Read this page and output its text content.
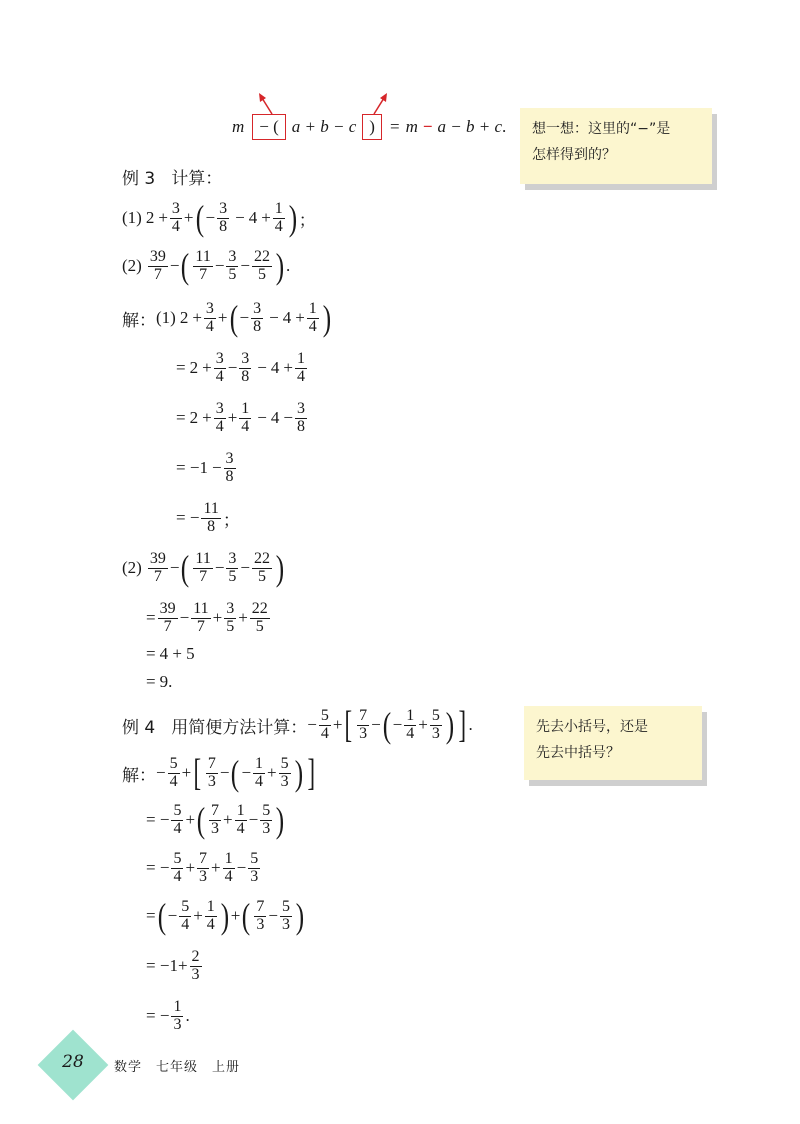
m − ( a + b − c ) = m − a − b + c . 想一想：这里的“−”是
怎样得到的？
例 3 计算：
(1) $2 + \frac{3}{4}$ + ( − $\frac{3}{8} - 4 + \frac{1}{4}$ ) ；
$(2) \frac{39}{7}$ − ( $\frac{11}{7} - \frac{3}{5} - \frac{22}{5}$ ) .
解： (1) $2 + \frac{3}{4}$ + ( − $\frac{3}{8} - 4 + \frac{1}{4}$ )
= $2 + \frac{3}{4} - \frac{3}{8} - 4 + \frac{1}{4}$
= $2 + \frac{3}{4} + \frac{1}{4} - 4 - \frac{3}{8}$
= − $1 - \frac{3}{8}$
= − $\frac{11}{8}$ ；
$(2) \frac{39}{7}$ − ( $\frac{11}{7} - \frac{3}{5} - \frac{22}{5}$ )
= $\frac{39}{7} - \frac{11}{7} + \frac{3}{5} + \frac{22}{5}$
= 4 + 5
= 9.
例 4 用简便方法计算： − $\frac{5}{4}$ + [ $\frac{7}{3}$ − ( − $\frac{1}{4} + \frac{5}{3}$ ) ] .	先去小括号，还是
先去中括号？
解： − $\frac{5}{4}$ + [ $\frac{7}{3}$ − ( − $\frac{1}{4} + \frac{5}{3}$ ) ]
= − $\frac{5}{4}$ + ( $\frac{7}{3} + \frac{1}{4} - \frac{5}{3}$ )
= − $\frac{5}{4} + \frac{7}{3} + \frac{1}{4} - \frac{5}{3}$
= ( − $\frac{5}{4} + \frac{1}{4}$ ) + ( $\frac{7}{3} - \frac{5}{3}$ )
= − $1 + \frac{2}{3}$
= − $\frac{1}{3}$ .
28	数学　七年级　上册
